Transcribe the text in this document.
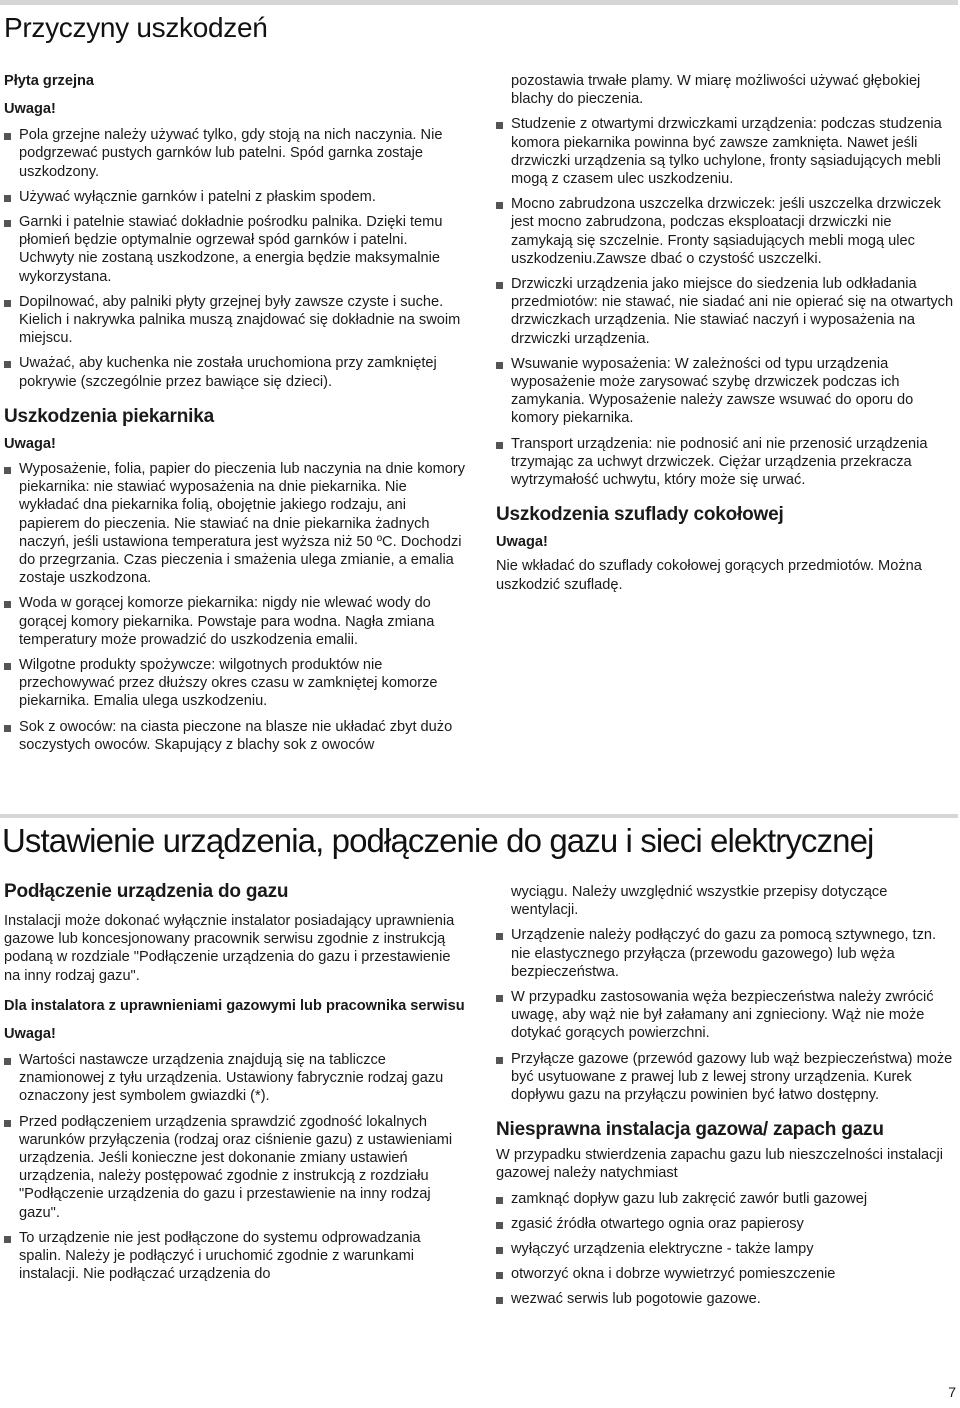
Przyczyny uszkodzeń

Płyta grzejna

Uwaga!

Pola grzejne należy używać tylko, gdy stoją na nich naczynia. Nie podgrzewać pustych garnków lub patelni. Spód garnka zostaje uszkodzony.
Używać wyłącznie garnków i patelni z płaskim spodem.
Garnki i patelnie stawiać dokładnie pośrodku palnika. Dzięki temu płomień będzie optymalnie ogrzewał spód garnków i patelni. Uchwyty nie zostaną uszkodzone, a energia będzie maksymalnie wykorzystana.
Dopilnować, aby palniki płyty grzejnej były zawsze czyste i suche. Kielich i nakrywka palnika muszą znajdować się dokładnie na swoim miejscu.
Uważać, aby kuchenka nie została uruchomiona przy zamkniętej pokrywie (szczególnie przez bawiące się dzieci).

Uszkodzenia piekarnika

Uwaga!

Wyposażenie, folia, papier do pieczenia lub naczynia na dnie komory piekarnika: nie stawiać wyposażenia na dnie piekarnika. Nie wykładać dna piekarnika folią, obojętnie jakiego rodzaju, ani papierem do pieczenia. Nie stawiać na dnie piekarnika żadnych naczyń, jeśli ustawiona temperatura jest wyższa niż 50 ºC. Dochodzi do przegrzania. Czas pieczenia i smażenia ulega zmianie, a emalia zostaje uszkodzona.
Woda w gorącej komorze piekarnika: nigdy nie wlewać wody do gorącej komory piekarnika. Powstaje para wodna. Nagła zmiana temperatury może prowadzić do uszkodzenia emalii.
Wilgotne produkty spożywcze: wilgotnych produktów nie przechowywać przez dłuższy okres czasu w zamkniętej komorze piekarnika. Emalia ulega uszkodzeniu.
Sok z owoców: na ciasta pieczone na blasze nie układać zbyt dużo soczystych owoców. Skapujący z blachy sok z owoców

pozostawia trwałe plamy. W miarę możliwości używać głębokiej blachy do pieczenia.

Studzenie z otwartymi drzwiczkami urządzenia: podczas studzenia komora piekarnika powinna być zawsze zamknięta. Nawet jeśli drzwiczki urządzenia są tylko uchylone, fronty sąsiadujących mebli mogą z czasem ulec uszkodzeniu.
Mocno zabrudzona uszczelka drzwiczek: jeśli uszczelka drzwiczek jest mocno zabrudzona, podczas eksploatacji drzwiczki nie zamykają się szczelnie. Fronty sąsiadujących mebli mogą ulec uszkodzeniu.Zawsze dbać o czystość uszczelki.
Drzwiczki urządzenia jako miejsce do siedzenia lub odkładania przedmiotów: nie stawać, nie siadać ani nie opierać się na otwartych drzwiczkach urządzenia. Nie stawiać naczyń i wyposażenia na drzwiczki urządzenia.
Wsuwanie wyposażenia: W zależności od typu urządzenia wyposażenie może zarysować szybę drzwiczek podczas ich zamykania. Wyposażenie należy zawsze wsuwać do oporu do komory piekarnika.
Transport urządzenia: nie podnosić ani nie przenosić urządzenia trzymając za uchwyt drzwiczek. Ciężar urządzenia przekracza wytrzymałość uchwytu, który może się urwać.

Uszkodzenia szuflady cokołowej

Uwaga!

Nie wkładać do szuflady cokołowej gorących przedmiotów. Można uszkodzić szufladę.

Ustawienie urządzenia, podłączenie do gazu i sieci elektrycznej

Podłączenie urządzenia do gazu

Instalacji może dokonać wyłącznie instalator posiadający uprawnienia gazowe lub koncesjonowany pracownik serwisu zgodnie z instrukcją podaną w rozdziale "Podłączenie urządzenia do gazu i przestawienie na inny rodzaj gazu".

Dla instalatora z uprawnieniami gazowymi lub pracownika serwisu

Uwaga!

Wartości nastawcze urządzenia znajdują się na tabliczce znamionowej z tyłu urządzenia. Ustawiony fabrycznie rodzaj gazu oznaczony jest symbolem gwiazdki (*).
Przed podłączeniem urządzenia sprawdzić zgodność lokalnych warunków przyłączenia (rodzaj oraz ciśnienie gazu) z ustawieniami urządzenia. Jeśli konieczne jest dokonanie zmiany ustawień urządzenia, należy postępować zgodnie z instrukcją z rozdziału "Podłączenie urządzenia do gazu i przestawienie na inny rodzaj gazu".
To urządzenie nie jest podłączone do systemu odprowadzania spalin. Należy je podłączyć i uruchomić zgodnie z warunkami instalacji. Nie podłączać urządzenia do

wyciągu. Należy uwzględnić wszystkie przepisy dotyczące wentylacji.

Urządzenie należy podłączyć do gazu za pomocą sztywnego, tzn. nie elastycznego przyłącza (przewodu gazowego) lub węża bezpieczeństwa.
W przypadku zastosowania węża bezpieczeństwa należy zwrócić uwagę, aby wąż nie był załamany ani zgnieciony. Wąż nie może dotykać gorących powierzchni.
Przyłącze gazowe (przewód gazowy lub wąż bezpieczeństwa) może być usytuowane z prawej lub z lewej strony urządzenia. Kurek dopływu gazu na przyłączu powinien być łatwo dostępny.

Niesprawna instalacja gazowa/ zapach gazu

W przypadku stwierdzenia zapachu gazu lub nieszczelności instalacji gazowej należy natychmiast

zamknąć dopływ gazu lub zakręcić zawór butli gazowej
zgasić źródła otwartego ognia oraz papierosy
wyłączyć urządzenia elektryczne - także lampy
otworzyć okna i dobrze wywietrzyć pomieszczenie
wezwać serwis lub pogotowie gazowe.
7
